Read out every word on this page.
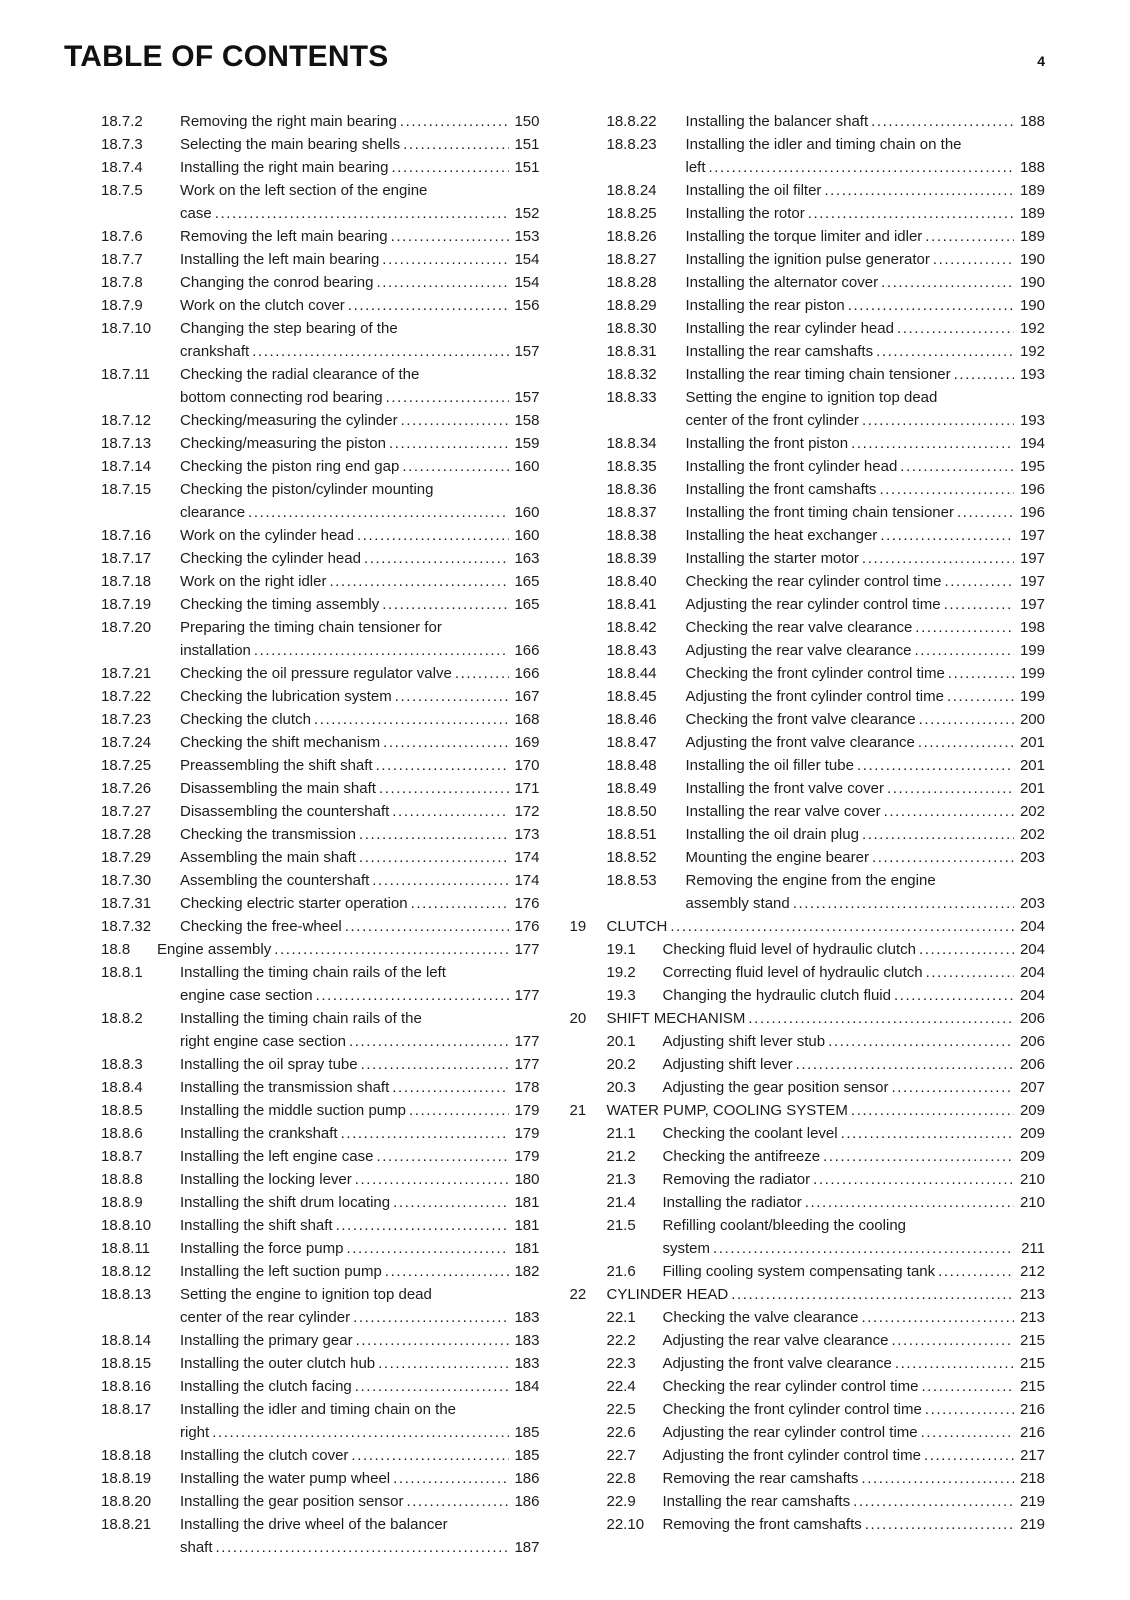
TABLE OF CONTENTS	4
18.7.2	Removing the right main bearing .....	150
18.7.3	Selecting the main bearing shells .....	151
18.7.4	Installing the right main bearing .....	151
18.7.5	Work on the left section of the engine
case .....	152
18.7.6	Removing the left main bearing .....	153
18.7.7	Installing the left main bearing .....	154
18.7.8	Changing the conrod bearing .....	154
18.7.9	Work on the clutch cover .....	156
18.7.10	Changing the step bearing of the
crankshaft .....	157
18.7.11	Checking the radial clearance of the
bottom connecting rod bearing .....	157
18.7.12	Checking/measuring the cylinder .....	158
18.7.13	Checking/measuring the piston .....	159
18.7.14	Checking the piston ring end gap .....	160
18.7.15	Checking the piston/cylinder mounting
clearance .....	160
18.7.16	Work on the cylinder head .....	160
18.7.17	Checking the cylinder head .....	163
18.7.18	Work on the right idler .....	165
18.7.19	Checking the timing assembly .....	165
18.7.20	Preparing the timing chain tensioner for
installation .....	166
18.7.21	Checking the oil pressure regulator valve .....	166
18.7.22	Checking the lubrication system .....	167
18.7.23	Checking the clutch .....	168
18.7.24	Checking the shift mechanism .....	169
18.7.25	Preassembling the shift shaft .....	170
18.7.26	Disassembling the main shaft .....	171
18.7.27	Disassembling the countershaft .....	172
18.7.28	Checking the transmission .....	173
18.7.29	Assembling the main shaft .....	174
18.7.30	Assembling the countershaft .....	174
18.7.31	Checking electric starter operation .....	176
18.7.32	Checking the free-wheel .....	176
18.8	Engine assembly .....	177
18.8.1	Installing the timing chain rails of the left
engine case section .....	177
18.8.2	Installing the timing chain rails of the
right engine case section .....	177
18.8.3	Installing the oil spray tube .....	177
18.8.4	Installing the transmission shaft .....	178
18.8.5	Installing the middle suction pump .....	179
18.8.6	Installing the crankshaft .....	179
18.8.7	Installing the left engine case .....	179
18.8.8	Installing the locking lever .....	180
18.8.9	Installing the shift drum locating .....	181
18.8.10	Installing the shift shaft .....	181
18.8.11	Installing the force pump .....	181
18.8.12	Installing the left suction pump .....	182
18.8.13	Setting the engine to ignition top dead
center of the rear cylinder .....	183
18.8.14	Installing the primary gear .....	183
18.8.15	Installing the outer clutch hub .....	183
18.8.16	Installing the clutch facing .....	184
18.8.17	Installing the idler and timing chain on the
right .....	185
18.8.18	Installing the clutch cover .....	185
18.8.19	Installing the water pump wheel .....	186
18.8.20	Installing the gear position sensor .....	186
18.8.21	Installing the drive wheel of the balancer
shaft .....	187
18.8.22	Installing the balancer shaft .....	188
18.8.23	Installing the idler and timing chain on the
left .....	188
18.8.24	Installing the oil filter .....	189
18.8.25	Installing the rotor .....	189
18.8.26	Installing the torque limiter and idler .....	189
18.8.27	Installing the ignition pulse generator .....	190
18.8.28	Installing the alternator cover .....	190
18.8.29	Installing the rear piston .....	190
18.8.30	Installing the rear cylinder head .....	192
18.8.31	Installing the rear camshafts .....	192
18.8.32	Installing the rear timing chain tensioner .....	193
18.8.33	Setting the engine to ignition top dead
center of the front cylinder .....	193
18.8.34	Installing the front piston .....	194
18.8.35	Installing the front cylinder head .....	195
18.8.36	Installing the front camshafts .....	196
18.8.37	Installing the front timing chain tensioner .....	196
18.8.38	Installing the heat exchanger .....	197
18.8.39	Installing the starter motor .....	197
18.8.40	Checking the rear cylinder control time .....	197
18.8.41	Adjusting the rear cylinder control time .....	197
18.8.42	Checking the rear valve clearance .....	198
18.8.43	Adjusting the rear valve clearance .....	199
18.8.44	Checking the front cylinder control time .....	199
18.8.45	Adjusting the front cylinder control time .....	199
18.8.46	Checking the front valve clearance .....	200
18.8.47	Adjusting the front valve clearance .....	201
18.8.48	Installing the oil filler tube .....	201
18.8.49	Installing the front valve cover .....	201
18.8.50	Installing the rear valve cover .....	202
18.8.51	Installing the oil drain plug .....	202
18.8.52	Mounting the engine bearer .....	203
18.8.53	Removing the engine from the engine
assembly stand .....	203
19	CLUTCH .....	204
19.1	Checking fluid level of hydraulic clutch .....	204
19.2	Correcting fluid level of hydraulic clutch .....	204
19.3	Changing the hydraulic clutch fluid .....	204
20	SHIFT MECHANISM .....	206
20.1	Adjusting shift lever stub .....	206
20.2	Adjusting shift lever .....	206
20.3	Adjusting the gear position sensor .....	207
21	WATER PUMP, COOLING SYSTEM .....	209
21.1	Checking the coolant level .....	209
21.2	Checking the antifreeze .....	209
21.3	Removing the radiator .....	210
21.4	Installing the radiator .....	210
21.5	Refilling coolant/bleeding the cooling
system .....	211
21.6	Filling cooling system compensating tank .....	212
22	CYLINDER HEAD .....	213
22.1	Checking the valve clearance .....	213
22.2	Adjusting the rear valve clearance .....	215
22.3	Adjusting the front valve clearance .....	215
22.4	Checking the rear cylinder control time .....	215
22.5	Checking the front cylinder control time .....	216
22.6	Adjusting the rear cylinder control time .....	216
22.7	Adjusting the front cylinder control time .....	217
22.8	Removing the rear camshafts .....	218
22.9	Installing the rear camshafts .....	219
22.10	Removing the front camshafts .....	219
